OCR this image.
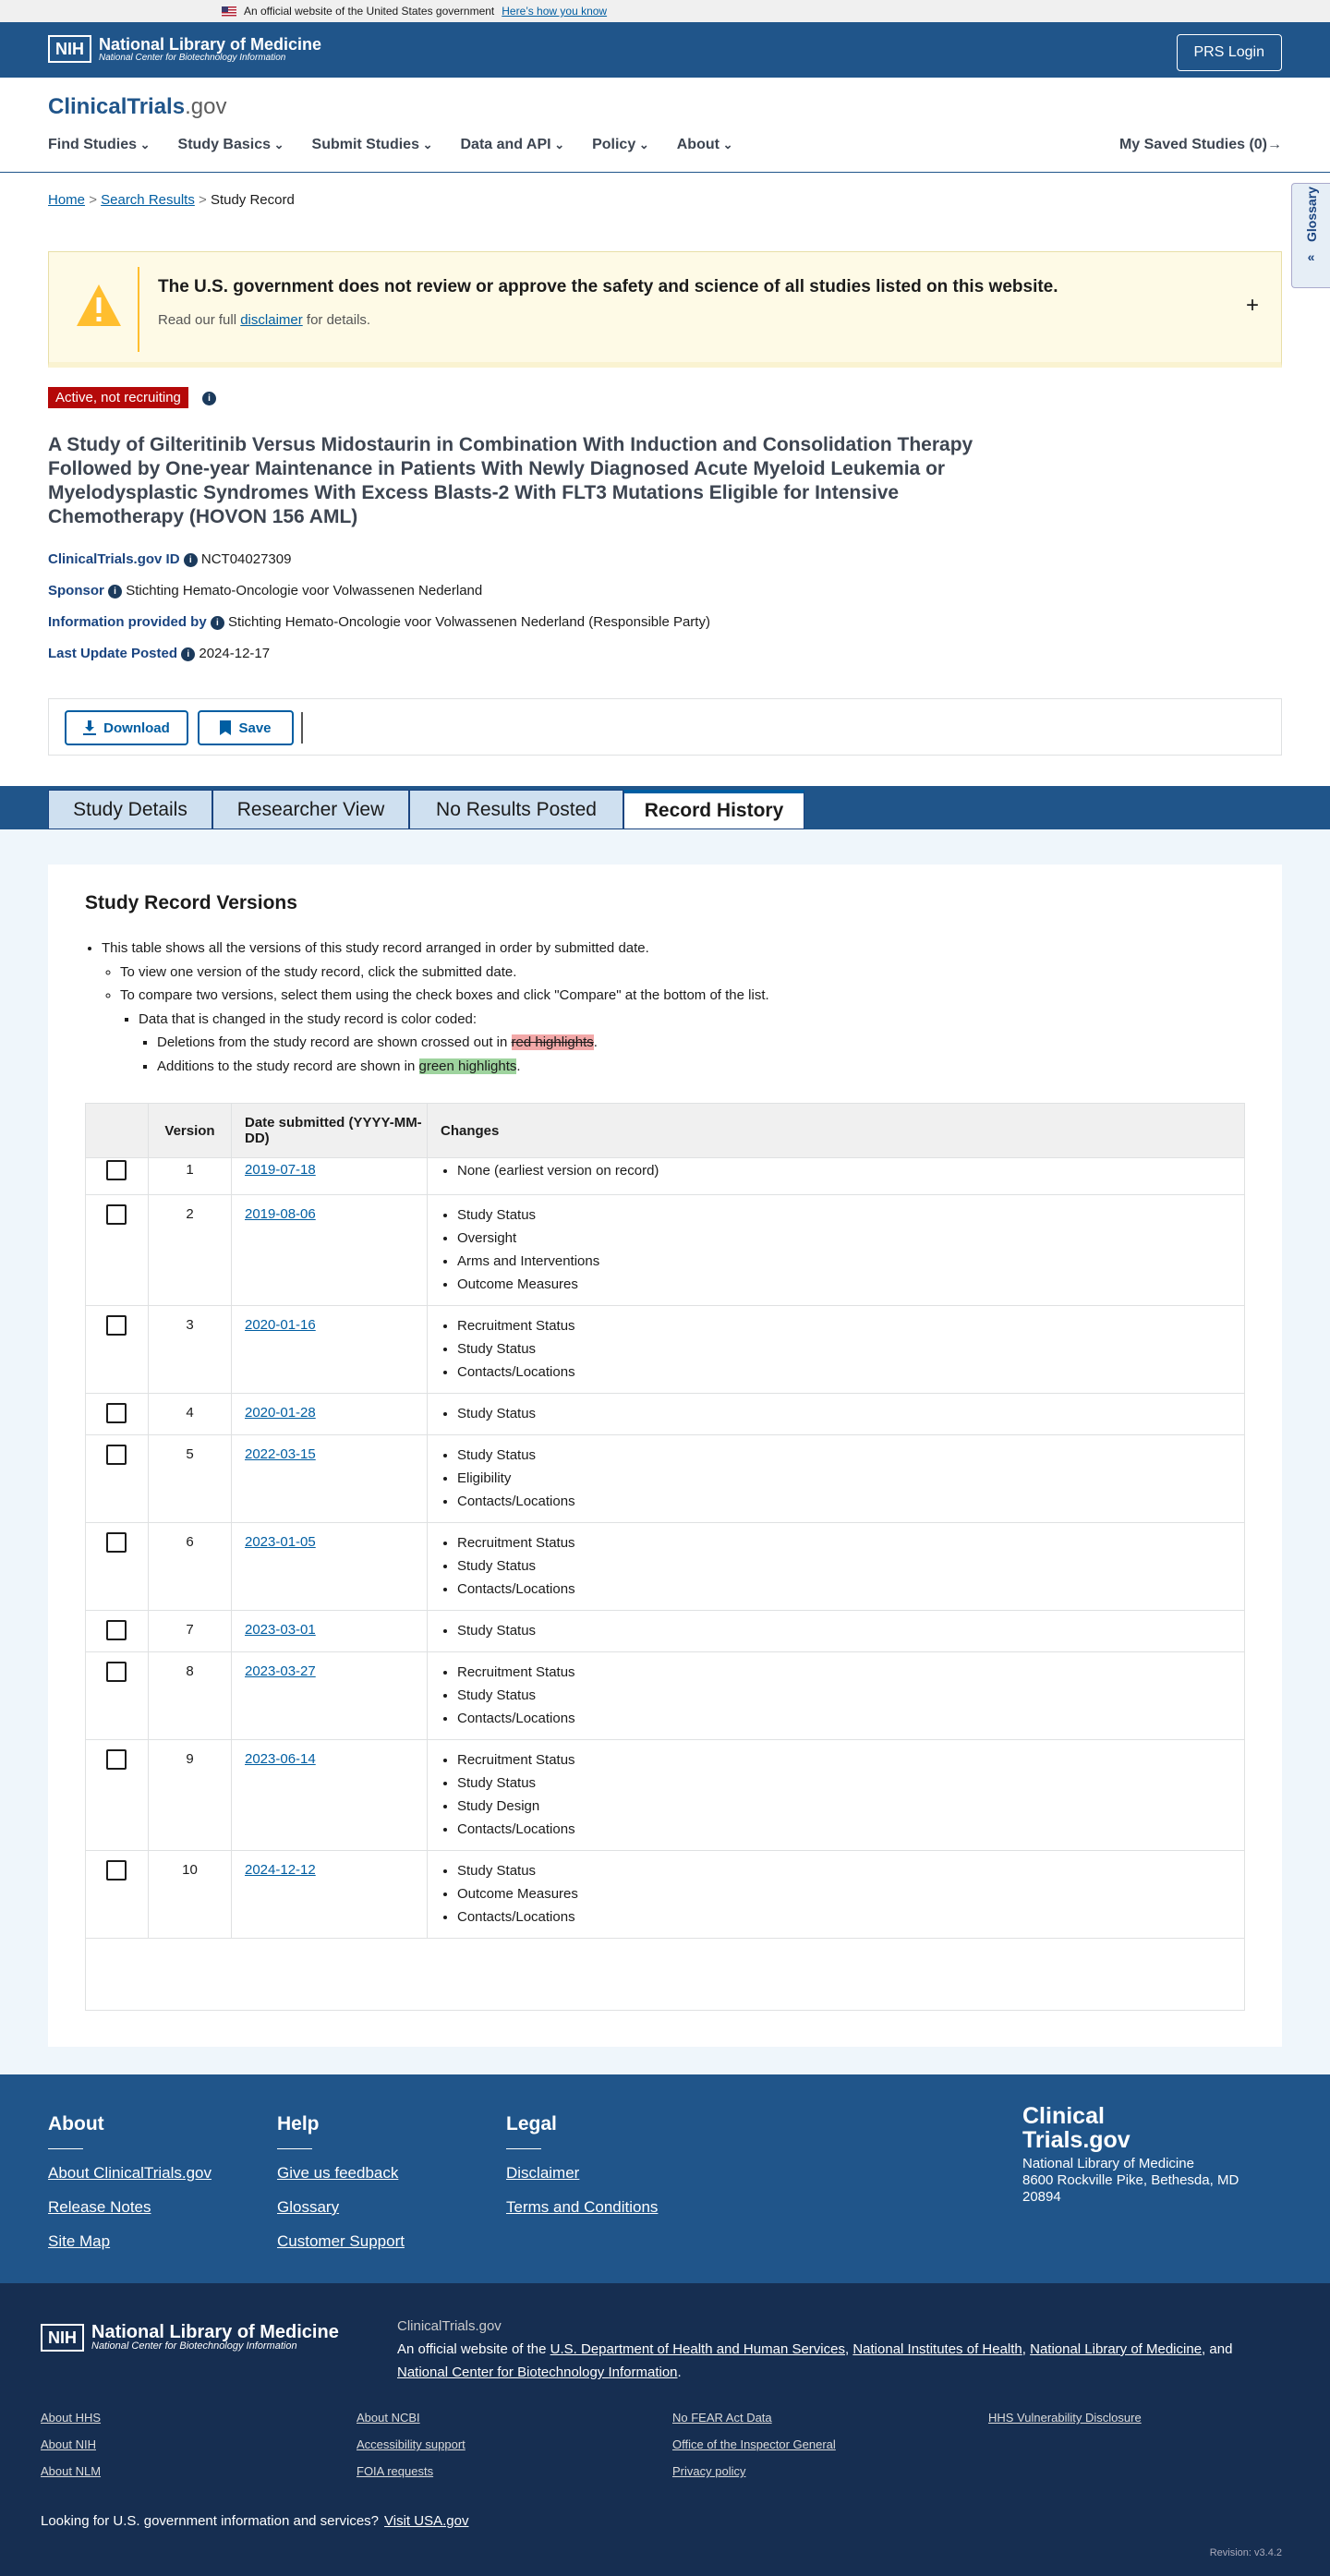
An official website of the United States government Here’s how you know
NIH National Library of Medicine
National Center for Biotechnology Information	PRS Login
ClinicalTrials.gov
Find Studies ⌄	Study Basics ⌄	Submit Studies ⌄	Data and API ⌄	Policy ⌄	About ⌄	My Saved Studies (0)→
Home > Search Results > Study Record	Glossary
«
The U.S. government does not review or approve the safety and science of all studies listed on this website.

Read our full disclaimer for details.

+
Active, not recruiting	i
A Study of Gilteritinib Versus Midostaurin in Combination With Induction and Consolidation Therapy Followed by One-year Maintenance in Patients With Newly Diagnosed Acute Myeloid Leukemia or Myelodysplastic Syndromes With Excess Blasts-2 With FLT3 Mutations Eligible for Intensive Chemotherapy (HOVON 156 AML)
ClinicalTrials.gov ID i NCT04027309
Sponsor i Stichting Hemato-Oncologie voor Volwassenen Nederland
Information provided by i Stichting Hemato-Oncologie voor Volwassenen Nederland (Responsible Party)
Last Update Posted i 2024-12-17
Download	Save
Study Details	Researcher View	No Results Posted	Record History
Study Record Versions
• This table shows all the versions of this study record arranged in order by submitted date.
◦ To view one version of the study record, click the submitted date.
◦ To compare two versions, select them using the check boxes and click "Compare" at the bottom of the list.
▪ Data that is changed in the study record is color coded:
▪ Deletions from the study record are shown crossed out in red highlights.
▪ Additions to the study record are shown in green highlights.
Version	Date submitted (YYYY-MM-DD)	Changes
1	2019-07-18	• None (earliest version on record)
2	2019-08-06	• Study Status
• Oversight
• Arms and Interventions
• Outcome Measures
3	2020-01-16	• Recruitment Status
• Study Status
• Contacts/Locations
4	2020-01-28	• Study Status
5	2022-03-15	• Study Status
• Eligibility
• Contacts/Locations
6	2023-01-05	• Recruitment Status
• Study Status
• Contacts/Locations
7	2023-03-01	• Study Status
8	2023-03-27	• Recruitment Status
• Study Status
• Contacts/Locations
9	2023-06-14	• Recruitment Status
• Study Status
• Study Design
• Contacts/Locations
10	2024-12-12	• Study Status
• Outcome Measures
• Contacts/Locations
About
About ClinicalTrials.gov
Release Notes
Site Map
Help
Give us feedback
Glossary
Customer Support
Legal
Disclaimer
Terms and Conditions
Clinical
Trials.gov
National Library of Medicine
8600 Rockville Pike, Bethesda, MD 20894
NIH National Library of Medicine
National Center for Biotechnology Information
ClinicalTrials.gov
An official website of the U.S. Department of Health and Human Services, National Institutes of Health, National Library of Medicine, and National Center for Biotechnology Information.
About HHS
About NIH
About NLM
About NCBI
Accessibility support
FOIA requests
No FEAR Act Data
Office of the Inspector General
Privacy policy
HHS Vulnerability Disclosure
Looking for U.S. government information and services? Visit USA.gov
Revision: v3.4.2
